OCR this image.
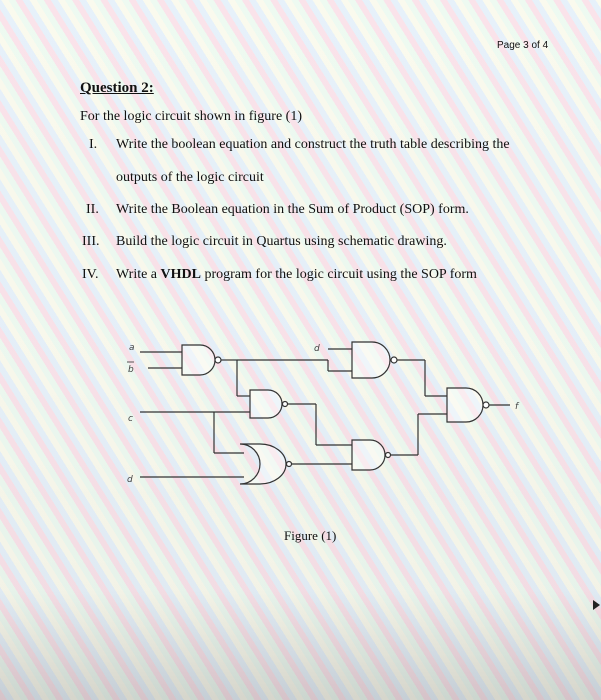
Page 3 of 4
Question 2:
For the logic circuit shown in figure (1)
I. Write the boolean equation and construct the truth table describing the
outputs of the logic circuit
II. Write the Boolean equation in the Sum of Product (SOP) form.
III. Build the logic circuit in Quartus using schematic drawing.
IV. Write a VHDL program for the logic circuit using the SOP form
a
b
c
d
d
f
Figure (1)
